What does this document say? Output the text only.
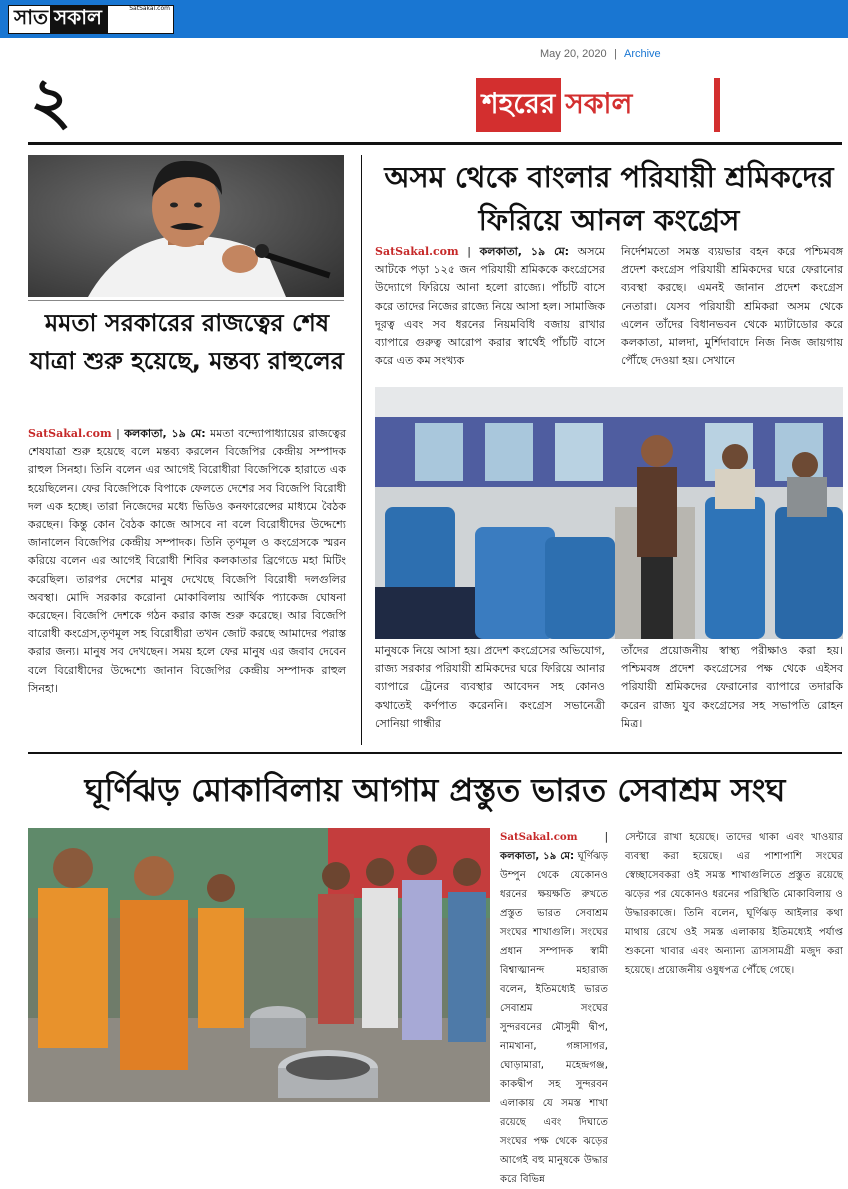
সাত সকাল	SatSakal.com
May 20, 2020 | Archive
২	শহরের সকাল
মমতা সরকারের রাজত্বের শেষ যাত্রা শুরু হয়েছে, মন্তব্য রাহুলের
SatSakal.com | কলকাতা, ১৯ মে: মমতা বন্দ্যোপাধ্যায়ের রাজত্বের শেষযাত্রা শুরু হয়েছে বলে মন্তব্য করলেন বিজেপির কেন্দ্রীয় সম্পাদক রাহুল সিনহা। তিনি বলেন এর আগেই বিরোধীরা বিজেপিকে হারাতে এক হয়েছিলেন। ফের বিজেপিকে বিপাকে ফেলতে দেশের সব বিজেপি বিরোধী দল এক হচ্ছে। তারা নিজেদের মধ্যে ভিডিও কনফারেন্সের মাধ্যমে বৈঠক করছেন। কিন্তু কোন বৈঠক কাজে আসবে না বলে বিরোধীদের উদ্দেশ্যে জানালেন বিজেপির কেন্দ্রীয় সম্পাদক। তিনি তৃণমূল ও কংগ্রেসকে স্মরন করিয়ে বলেন এর আগেই বিরোধী শিবির কলকাতার ব্রিগেডে মহা মিটিং করেছিল। তারপর দেশের মানুষ দেখেছে বিজেপি বিরোধী দলগুলির অবস্থা। মোদি সরকার করোনা মোকাবিলায় আর্থিক প্যাকেজ ঘোষনা করেছেন। বিজেপি দেশকে গঠন করার কাজ শুরু করেছে। আর বিজেপি বারোধী কংগ্রেস,তৃণমূল সহ বিরোধীরা তখন জোট করছে আমাদের পরাস্ত করার জন্য। মানুষ সব দেখছেন। সময় হলে ফের মানুষ এর জবাব দেবেন বলে বিরোধীদের উদ্দেশ্যে জানান বিজেপির কেন্দ্রীয় সম্পাদক রাহুল সিনহা।
অসম থেকে বাংলার পরিযায়ী শ্রমিকদের ফিরিয়ে আনল কংগ্রেস
SatSakal.com | কলকাতা, ১৯ মে: অসমে আটকে পড়া ১২৫ জন পরিযায়ী শ্রমিককে কংগ্রেসের উদ্যোগে ফিরিয়ে আনা হলো রাজ্যে। পাঁচটি বাসে করে তাদের নিজের রাজ্যে নিয়ে আসা হল। সামাজিক দূরত্ব এবং সব ধরনের নিয়মবিধি বজায় রাখার ব্যাপারে গুরুত্ব আরোপ করার স্বার্থেই পাঁচটি বাসে করে এত কম সংখ্যক
নির্দেশমতো সমস্ত ব্যয়ভার বহন করে পশ্চিমবঙ্গ প্রদেশ কংগ্রেস পরিযায়ী শ্রমিকদের ঘরে ফেরানোর ব্যবস্থা করছে। এমনই জানান প্রদেশ কংগ্রেস নেতারা। যেসব পরিযায়ী শ্রমিকরা অসম থেকে এলেন তাঁদের বিধানভবন থেকে ম্যাটাডোর করে কলকাতা, মালদা, মুর্শিদাবাদে নিজ নিজ জায়গায় পৌঁছে দেওয়া হয়। সেখানে
মানুষকে নিয়ে আসা হয়। প্রদেশ কংগ্রেসের অভিযোগ, রাজ্য সরকার পরিযায়ী শ্রমিকদের ঘরে ফিরিয়ে আনার ব্যাপারে ট্রেনের ব্যবস্থার আবেদন সহ কোনও কথাতেই কর্ণপাত করেননি। কংগ্রেস সভানেত্রী সোনিয়া গান্ধীর
তাঁদের প্রয়োজনীয় স্বাস্থ্য পরীক্ষাও করা হয়। পশ্চিমবঙ্গ প্রদেশ কংগ্রেসের পক্ষ থেকে এইসব পরিযায়ী শ্রমিকদের ফেরানোর ব্যাপারে তদারকি করেন রাজ্য যুব কংগ্রেসের সহ সভাপতি রোহন মিত্র।
ঘূর্ণিঝড় মোকাবিলায় আগাম প্রস্তুত ভারত সেবাশ্রম সংঘ
SatSakal.com	| কলকাতা, ১৯ মে: ঘূর্ণিঝড় উম্পুন থেকে যেকোনও ধরনের ক্ষয়ক্ষতি রুখতে প্রস্তুত ভারত সেবাশ্রম সংঘের শাখাগুলি। সংঘের প্রধান সম্পাদক স্বামী বিশ্বাত্মানন্দ মহারাজ বলেন, ইতিমধ্যেই ভারত সেবাশ্রম সংঘের সুন্দরবনের মৌসুমী দ্বীপ, নামখানা, গঙ্গাসাগর, ঘোড়ামারা, মহেন্দ্রগঞ্জ, কাকদ্বীপ সহ সুন্দরবন এলাকায় যে সমস্ত শাখা রয়েছে এবং দিঘাতে সংঘের পক্ষ থেকে ঝড়ের আগেই বহু মানুষকে উদ্ধার করে বিভিন্ন
সেন্টারে রাখা হয়েছে। তাদের থাকা এবং খাওয়ার ব্যবস্থা করা হয়েছে। এর পাশাপাশি সংঘের স্বেচ্ছাসেবকরা ওই সমস্ত শাখাগুলিতে প্রস্তুত রয়েছে ঝড়ের পর যেকোনও ধরনের পরিস্থিতি মোকাবিলায় ও উদ্ধারকাজে। তিনি বলেন, ঘূর্ণিঝড় আইলার কথা মাথায় রেখে ওই সমস্ত এলাকায় ইতিমধ্যেই পর্যাপ্ত শুকনো খাবার এবং অন্যান্য ত্রাসসামগ্রী মজুদ করা হয়েছে। প্রয়োজনীয় ওষুধপত্র পৌঁছে গেছে।
